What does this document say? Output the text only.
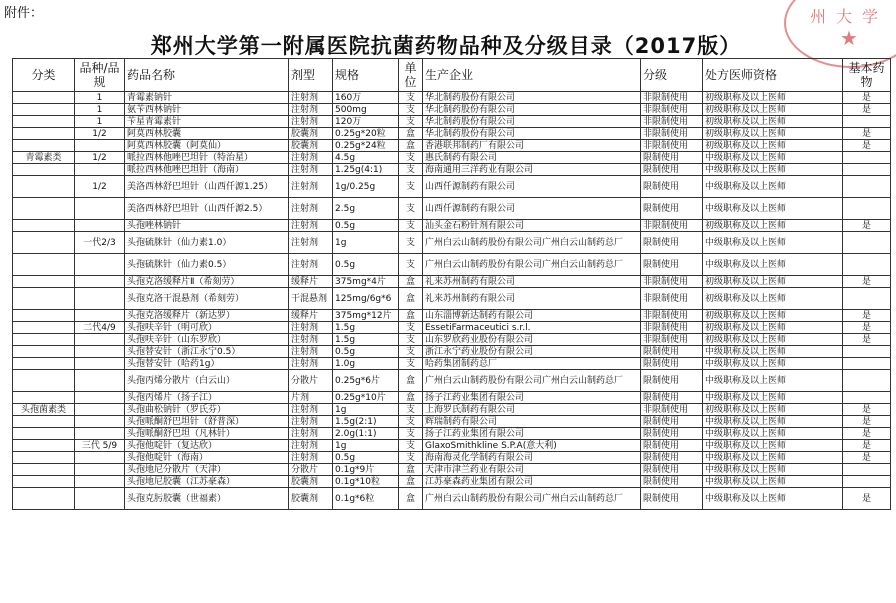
附件：
郑州大学第一附属医院抗菌药物品种及分级目录（2017版）
州大学
★
分类	品种/品规	药品名称	剂型	规格	单位	生产企业	分级	处方医师资格	基本药物
	1	青霉素钠针	注射剂	160万	支	华北制药股份有限公司	非限制使用	初级职称及以上医师	是
	1	氨苄西林钠针	注射剂	500mg	支	华北制药股份有限公司	非限制使用	初级职称及以上医师	是
	1	苄星青霉素针	注射剂	120万	支	华北制药股份有限公司	非限制使用	初级职称及以上医师	
	1/2	阿莫西林胶囊	胶囊剂	0.25g*20粒	盒	华北制药股份有限公司	非限制使用	初级职称及以上医师	是
		阿莫西林胶囊（阿莫仙）	胶囊剂	0.25g*24粒	盒	香港联邦制药厂有限公司	非限制使用	初级职称及以上医师	是
青霉素类	1/2	哌拉西林他唑巴坦针（特治星）	注射剂	4.5g	支	惠氏制药有限公司	限制使用	中级职称及以上医师	
		哌拉西林他唑巴坦针（海南）	注射剂	1.25g(4:1)	支	海南通用三洋药业有限公司	限制使用	中级职称及以上医师	
	1/2	美洛西林舒巴坦针（山西仟源1.25）	注射剂	1g/0.25g	支	山西仟源制药有限公司	限制使用	中级职称及以上医师	
		美洛西林舒巴坦针（山西仟源2.5）	注射剂	2.5g	支	山西仟源制药有限公司	限制使用	中级职称及以上医师	
		头孢唑林钠针	注射剂	0.5g	支	汕头金石粉针剂有限公司	非限制使用	初级职称及以上医师	是
	一代2/3	头孢硫脒针（仙力素1.0）	注射剂	1g	支	广州白云山制药股份有限公司广州白云山制药总厂	限制使用	中级职称及以上医师	
		头孢硫脒针（仙力素0.5）	注射剂	0.5g	支	广州白云山制药股份有限公司广州白云山制药总厂	限制使用	中级职称及以上医师	
		头孢克洛缓释片Ⅱ（希刻劳）	缓释片	375mg*4片	盒	礼来苏州制药有限公司	非限制使用	初级职称及以上医师	是
		头孢克洛干混悬剂（希刻劳）	干混悬剂	125mg/6g*6	盒	礼来苏州制药有限公司	非限制使用	初级职称及以上医师	
		头孢克洛缓释片（新达罗）	缓释片	375mg*12片	盒	山东淄博新达制药有限公司	非限制使用	初级职称及以上医师	是
	二代4/9	头孢呋辛针（明可欣）	注射剂	1.5g	支	EssetiFarmaceutici s.r.l.	非限制使用	初级职称及以上医师	是
		头孢呋辛针（山东罗欣）	注射剂	1.5g	支	山东罗欣药业股份有限公司	非限制使用	初级职称及以上医师	是
		头孢替安针（浙江永宁0.5）	注射剂	0.5g	支	浙江永宁药业股份有限公司	限制使用	中级职称及以上医师	
		头孢替安针（哈药1g）	注射剂	1.0g	支	哈药集团制药总厂	限制使用	中级职称及以上医师	
		头孢丙烯分散片（白云山）	分散片	0.25g*6片	盒	广州白云山制药股份有限公司广州白云山制药总厂	限制使用	中级职称及以上医师	
		头孢丙烯片（扬子江）	片剂	0.25g*10片	盒	扬子江药业集团有限公司	限制使用	中级职称及以上医师	
头孢菌素类		头孢曲松钠针（罗氏芬）	注射剂	1g	支	上海罗氏制药有限公司	非限制使用	初级职称及以上医师	是
		头孢哌酮舒巴坦针（舒普深）	注射剂	1.5g(2:1)	支	辉瑞制药有限公司	限制使用	中级职称及以上医师	是
		头孢哌酮舒巴坦（凡林针）	注射剂	2.0g(1:1)	支	扬子江药业集团有限公司	限制使用	中级职称及以上医师	是
	三代 5/9	头孢他啶针（复达欣）	注射剂	1g	支	GlaxoSmithkline S.P.A(意大利)	限制使用	中级职称及以上医师	是
		头孢他啶针（海南）	注射剂	0.5g	支	海南海灵化学制药有限公司	限制使用	中级职称及以上医师	是
		头孢地尼分散片（天津）	分散片	0.1g*9片	盒	天津市津兰药业有限公司	限制使用	中级职称及以上医师	
		头孢地尼胶囊（江苏豪森）	胶囊剂	0.1g*10粒	盒	江苏豪森药业集团有限公司	限制使用	中级职称及以上医师	
		头孢克肟胶囊（世福素）	胶囊剂	0.1g*6粒	盒	广州白云山制药股份有限公司广州白云山制药总厂	限制使用	中级职称及以上医师	是
